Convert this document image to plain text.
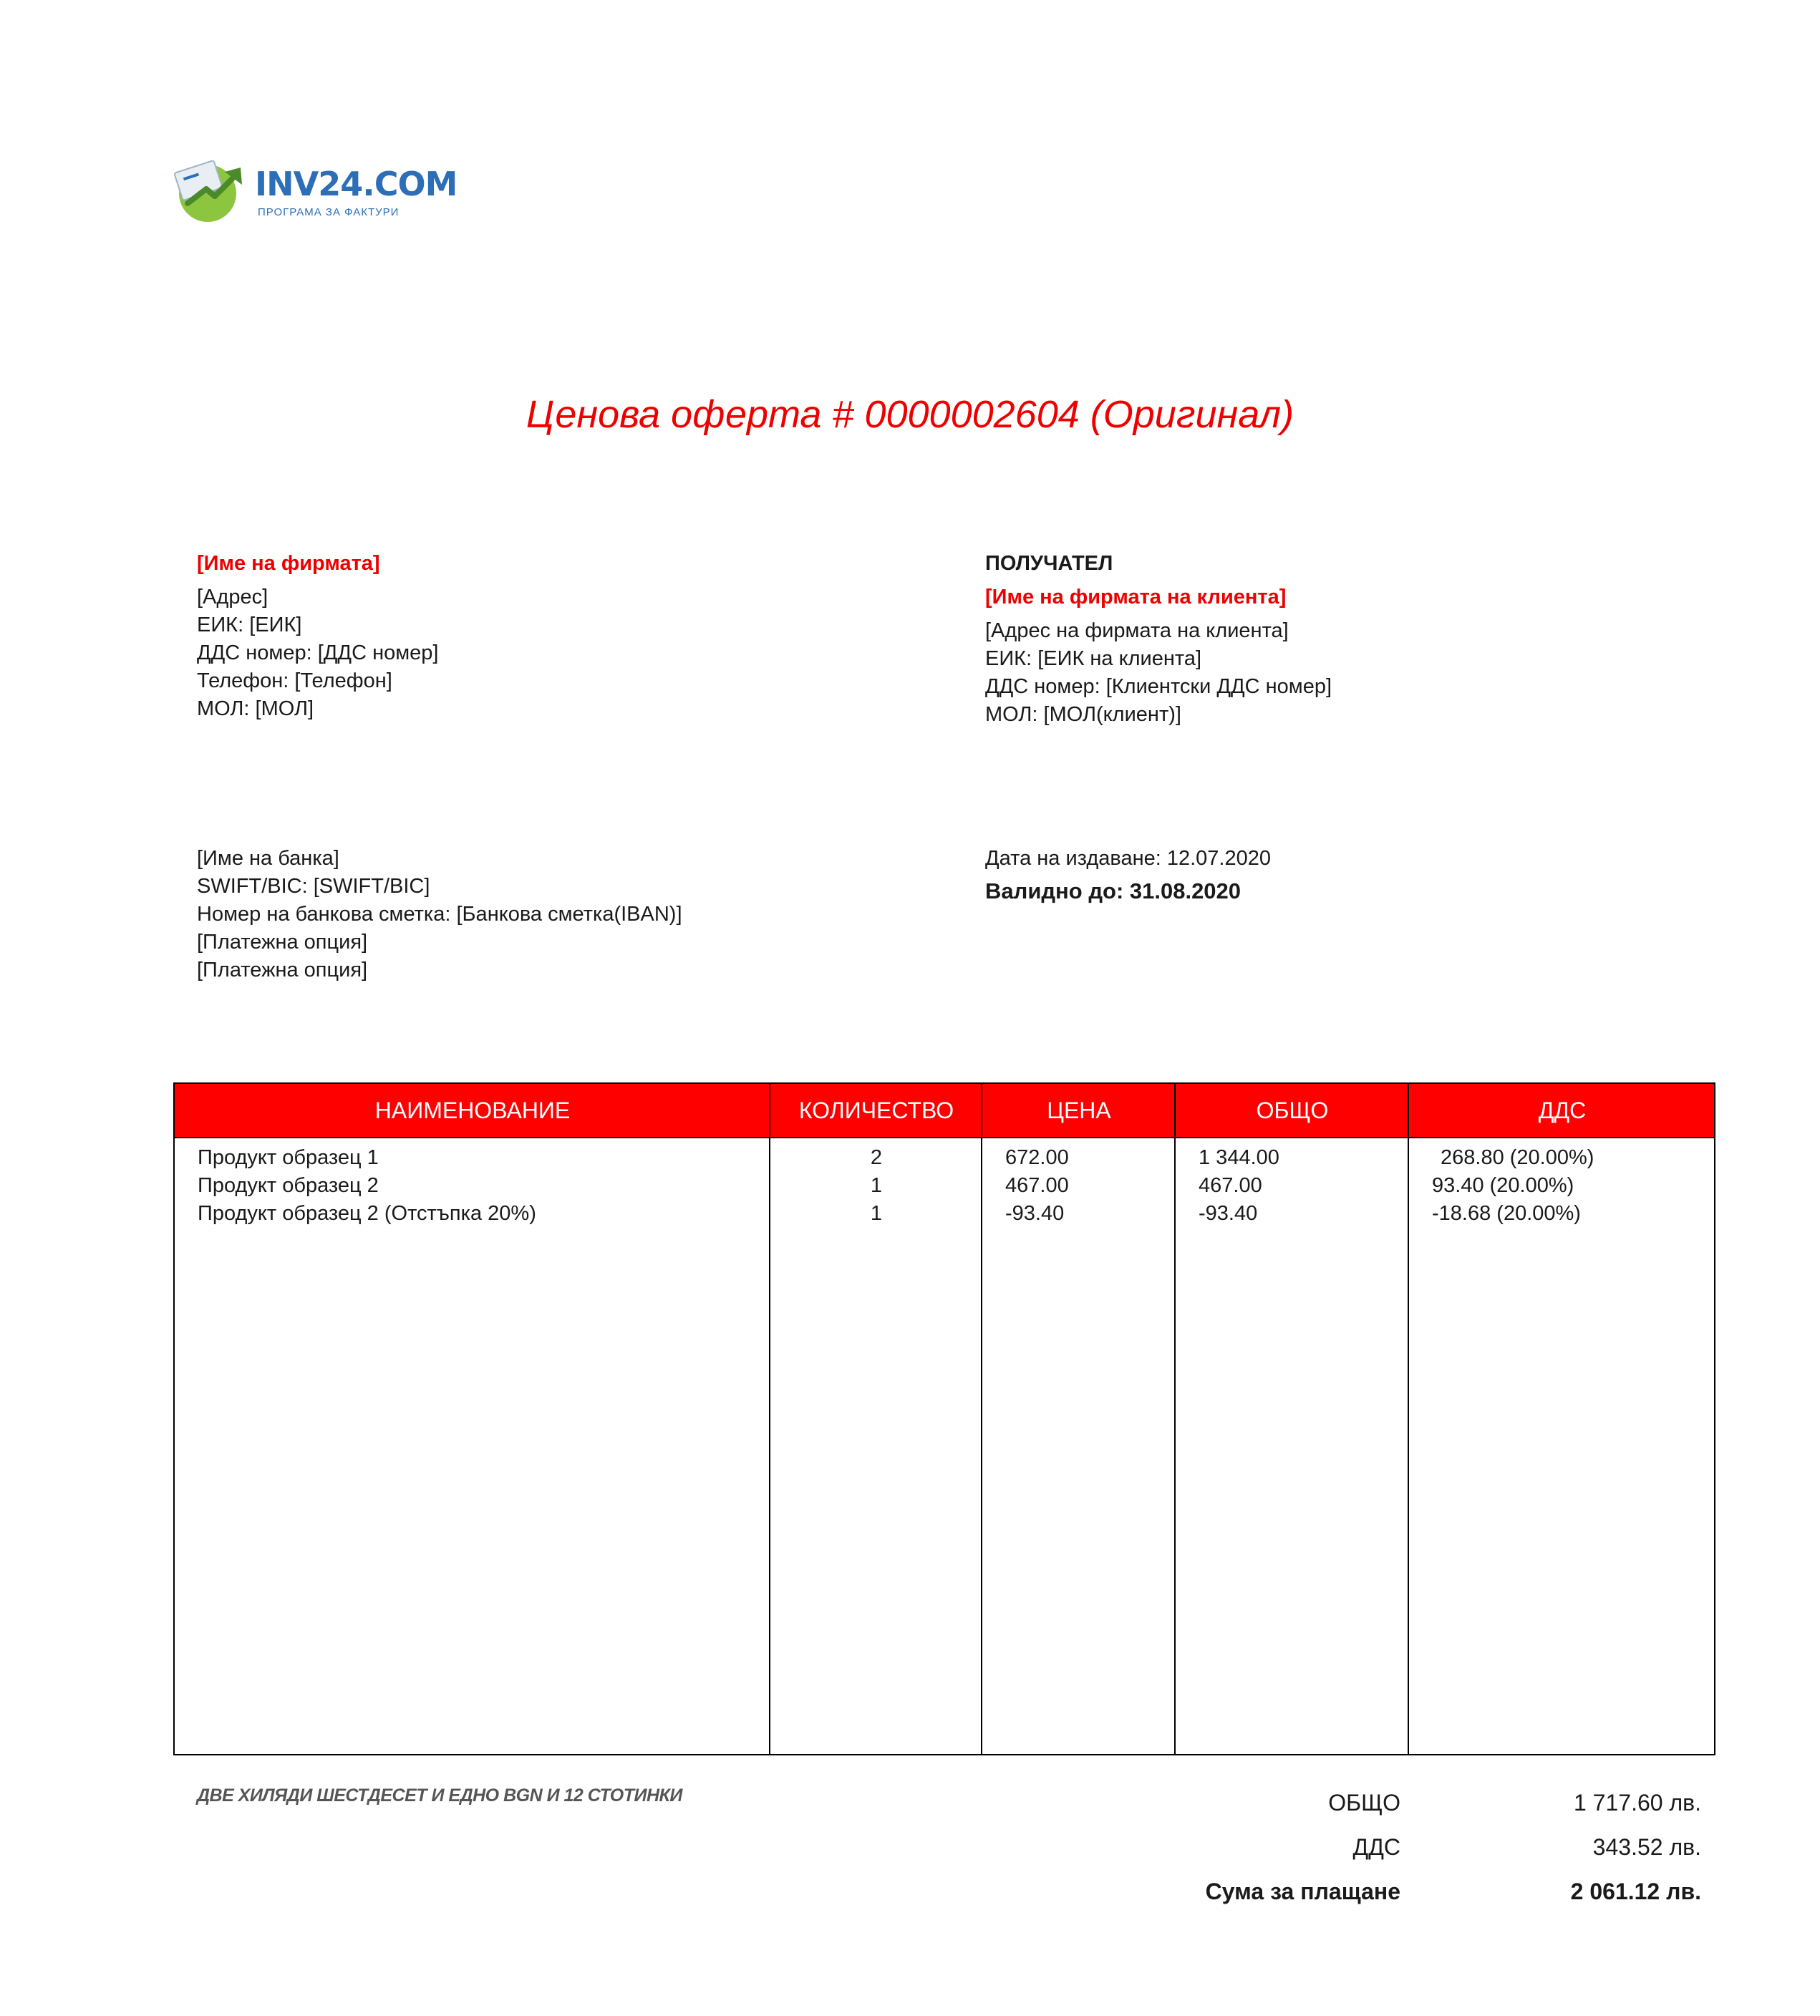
INV24.COM
ПРОГРАМА ЗА ФАКТУРИ
Ценова оферта # 0000002604 (Оригинал)
[Име на фирмата]
[Адрес]
ЕИК: [ЕИК]
ДДС номер: [ДДС номер]
Телефон: [Телефон]
МОЛ: [МОЛ]
ПОЛУЧАТЕЛ
[Име на фирмата на клиента]
[Адрес на фирмата на клиента]
ЕИК: [ЕИК на клиента]
ДДС номер: [Клиентски ДДС номер]
МОЛ: [МОЛ(клиент)]
[Име на банка]
SWIFT/BIC: [SWIFT/BIC]
Номер на банкова сметка: [Банкова сметка(IBAN)]
[Платежна опция]
[Платежна опция]
Дата на издаване: 12.07.2020
Валидно до: 31.08.2020
НАИМЕНОВАНИЕ	КОЛИЧЕСТВО	ЦЕНА	ОБЩО	ДДС
Продукт образец 1	2	672.00	1 344.00	268.80 (20.00%)
Продукт образец 2	1	467.00	467.00	93.40 (20.00%)
Продукт образец 2 (Отстъпка 20%)	1	-93.40	-93.40	-18.68 (20.00%)
ДВЕ ХИЛЯДИ ШЕСТДЕСЕТ И ЕДНО BGN И 12 СТОТИНКИ	ОБЩО	1 717.60 лв.
ДДС	343.52 лв.
Сума за плащане	2 061.12 лв.
